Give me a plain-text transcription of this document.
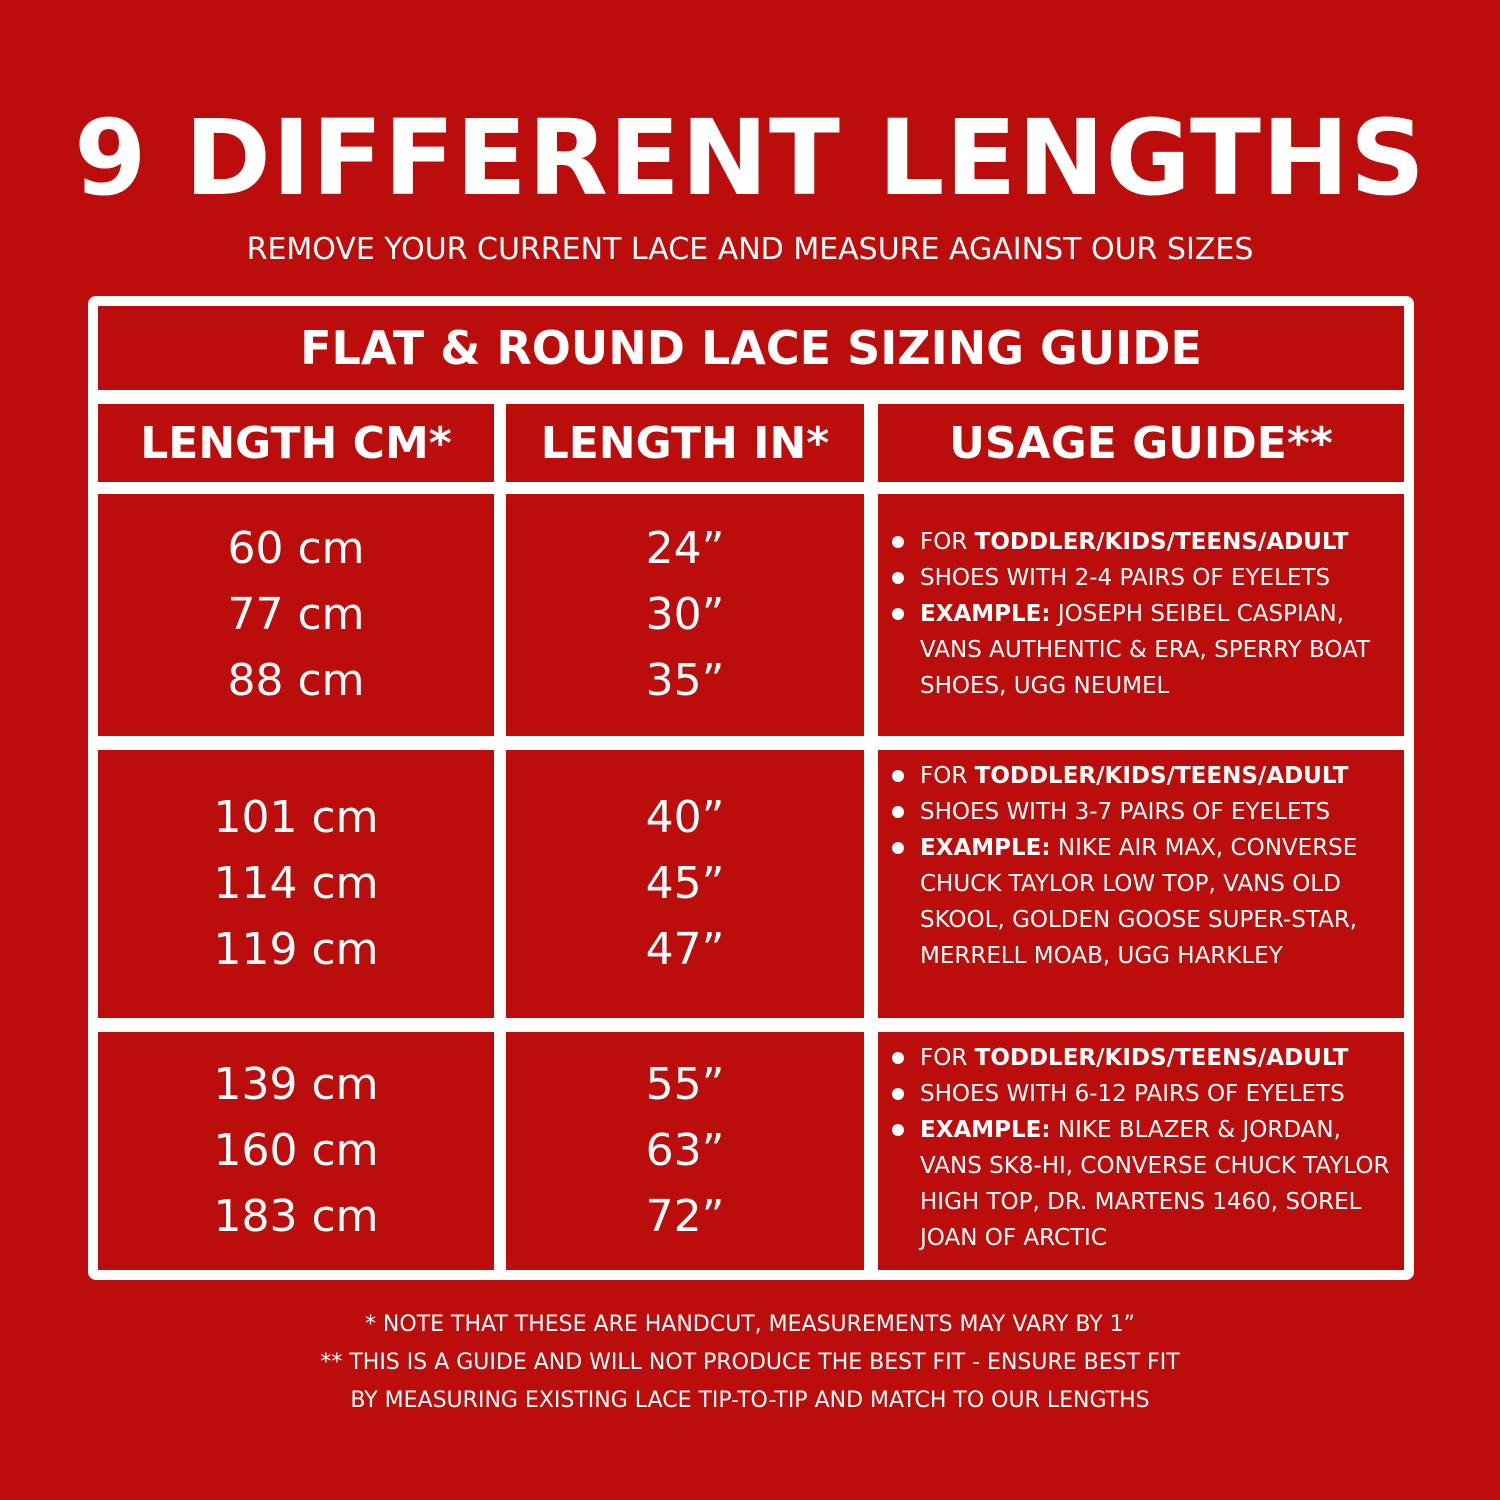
9 DIFFERENT LENGTHS
REMOVE YOUR CURRENT LACE AND MEASURE AGAINST OUR SIZES
FLAT & ROUND LACE SIZING GUIDE
LENGTH CM*	LENGTH IN*	USAGE GUIDE**
60 cm
77 cm
88 cm
24”
30”
35”
FOR TODDLER/KIDS/TEENS/ADULT
SHOES WITH 2-4 PAIRS OF EYELETS
EXAMPLE: JOSEPH SEIBEL CASPIAN, VANS AUTHENTIC & ERA, SPERRY BOAT SHOES, UGG NEUMEL
101 cm
114 cm
119 cm
40”
45”
47”
FOR TODDLER/KIDS/TEENS/ADULT
SHOES WITH 3-7 PAIRS OF EYELETS
EXAMPLE: NIKE AIR MAX, CONVERSE CHUCK TAYLOR LOW TOP, VANS OLD SKOOL, GOLDEN GOOSE SUPER-STAR, MERRELL MOAB, UGG HARKLEY
139 cm
160 cm
183 cm
55”
63”
72”
FOR TODDLER/KIDS/TEENS/ADULT
SHOES WITH 6-12 PAIRS OF EYELETS
EXAMPLE: NIKE BLAZER & JORDAN, VANS SK8-HI, CONVERSE CHUCK TAYLOR HIGH TOP, DR. MARTENS 1460, SOREL JOAN OF ARCTIC
* NOTE THAT THESE ARE HANDCUT, MEASUREMENTS MAY VARY BY 1”
** THIS IS A GUIDE AND WILL NOT PRODUCE THE BEST FIT - ENSURE BEST FIT
BY MEASURING EXISTING LACE TIP-TO-TIP AND MATCH TO OUR LENGTHS
